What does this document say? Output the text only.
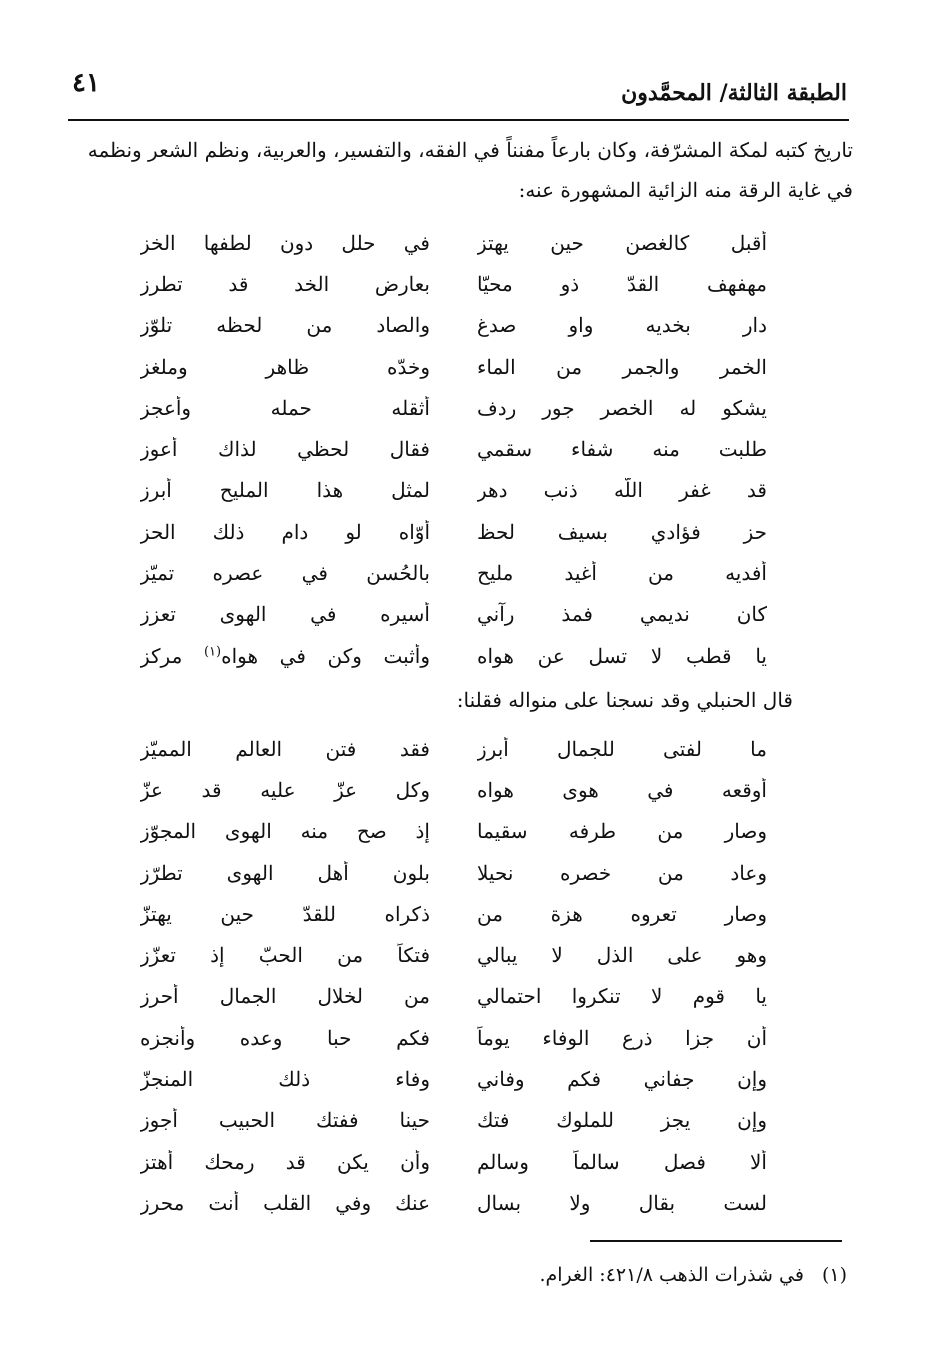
٤١	الطبقة الثالثة/ المحمَّدون

تاريخ كتبه لمكة المشرّفة، وكان بارعاً مفنناً في الفقه، والتفسير، والعربية، ونظم الشعر ونظمه

في غاية الرقة منه الزائية المشهورة عنه:

أقبل كالغصن حين يهتز
في حلل دون لطفها الخز
مهفهف القدّ ذو محيّا
بعارض الخد قد تطرز
دار بخديه واو صدغ
والصاد من لحظه تلوّز
الخمر والجمر من الماء
وخدّه ظاهر وملغز
يشكو له الخصر جور ردف
أثقله حمله وأعجز
طلبت منه شفاء سقمي
فقال لحظي لذاك أعوز
قد غفر اللّه ذنب دهر
لمثل هذا المليح أبرز
حز فؤادي بسيف لحظ
أوّاه لو دام ذلك الحز
أفديه من أغيد مليح
بالحُسن في عصره تميّز
كان نديمي فمذ رآني
أسيره في الهوى تعزز
يا قطب لا تسل عن هواه
وأثبت وكن في هواه$^{(١)}$ مركز
قال الحنبلي وقد نسجنا على منواله فقلنا:
ما لفتى للجمال أبرز
فقد فتن العالم المميّز
أوقعه في هوى هواه
وكل عزّ عليه قد عزّ
وصار من طرفه سقيما
إذ صح منه الهوى المجوّز
وعاد من خصره نحيلا
بلون أهل الهوى تطرّز
وصار تعروه هزة من
ذكراه للقدّ حين يهتزّ
وهو على الذل لا يبالي
فتكاً من الحبّ إذ تعزّز
يا قوم لا تنكروا احتمالي
من لخلال الجمال أحرز
أن جزا ذرع الوفاء يوماً
فكم حبا وعده وأنجزه
وإن جفاني فكم وفاني
وفاء ذلك المنجزّ
وإن يجز للملوك فتك
حينا ففتك الحبيب أجوز
ألا فصل سالماً وسالم
وأن يكن قد رمحك أهتز
لست بقال ولا بسال
عنك وفي القلب أنت محرز
(١)في شذرات الذهب ٤٢١/٨: الغرام.
